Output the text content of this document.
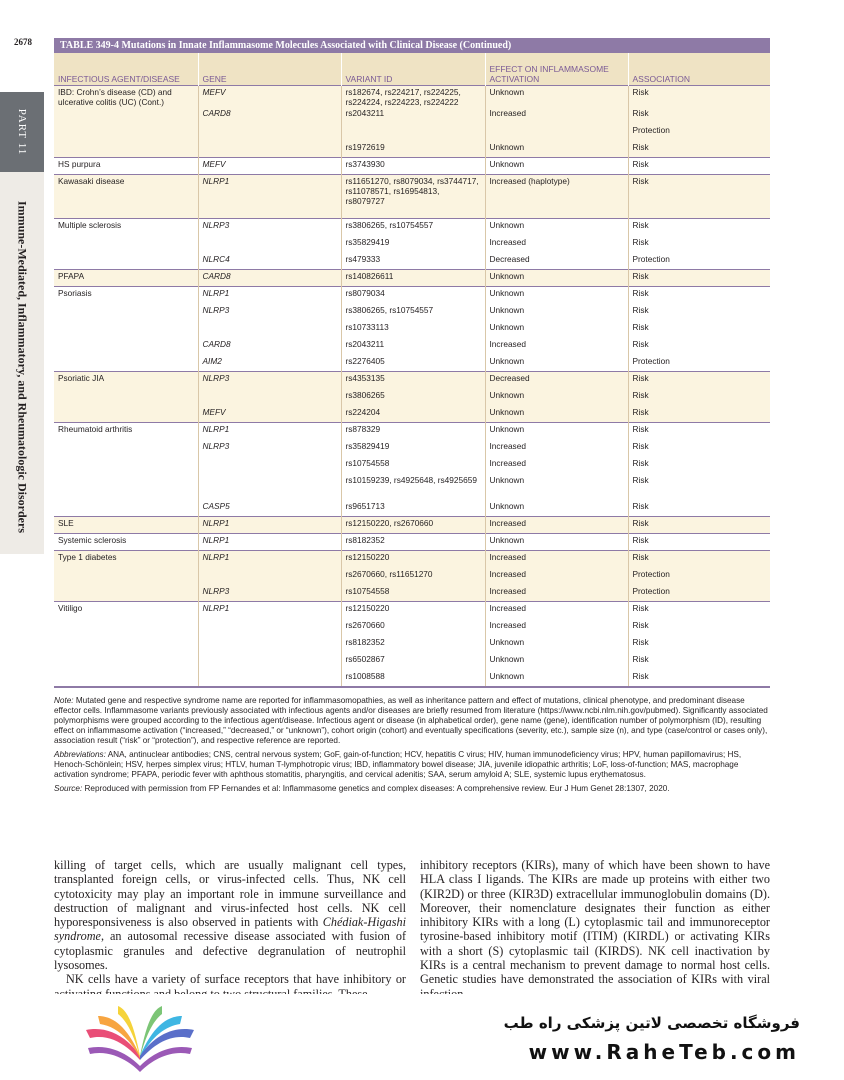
2678
PART 11
Immune-Mediated, Inflammatory, and Rheumatologic Disorders
TABLE 349-4 Mutations in Innate Inflammasome Molecules Associated with Clinical Disease (Continued)
INFECTIOUS AGENT/DISEASE	GENE	VARIANT ID	EFFECT ON INFLAMMASOME ACTIVATION	ASSOCIATION
IBD: Crohn’s disease (CD) and ulcerative colitis (UC) (Cont.)	MEFV	rs182674, rs224217, rs224225, rs224224, rs224223, rs224222	Unknown	Risk
	CARD8	rs2043211	Increased	Risk
				Protection
		rs1972619	Unknown	Risk
HS purpura	MEFV	rs3743930	Unknown	Risk
Kawasaki disease	NLRP1	rs11651270, rs8079034, rs3744717, rs11078571, rs16954813, rs8079727	Increased (haplotype)	Risk
Multiple sclerosis	NLRP3	rs3806265, rs10754557	Unknown	Risk
		rs35829419	Increased	Risk
	NLRC4	rs479333	Decreased	Protection
PFAPA	CARD8	rs140826611	Unknown	Risk
Psoriasis	NLRP1	rs8079034	Unknown	Risk
	NLRP3	rs3806265, rs10754557	Unknown	Risk
		rs10733113	Unknown	Risk
	CARD8	rs2043211	Increased	Risk
	AIM2	rs2276405	Unknown	Protection
Psoriatic JIA	NLRP3	rs4353135	Decreased	Risk
		rs3806265	Unknown	Risk
	MEFV	rs224204	Unknown	Risk
Rheumatoid arthritis	NLRP1	rs878329	Unknown	Risk
	NLRP3	rs35829419	Increased	Risk
		rs10754558	Increased	Risk
		rs10159239, rs4925648, rs4925659	Unknown	Risk
	CASP5	rs9651713	Unknown	Risk
SLE	NLRP1	rs12150220, rs2670660	Increased	Risk
Systemic sclerosis	NLRP1	rs8182352	Unknown	Risk
Type 1 diabetes	NLRP1	rs12150220	Increased	Risk
		rs2670660, rs11651270	Increased	Protection
	NLRP3	rs10754558	Increased	Protection
Vitiligo	NLRP1	rs12150220	Increased	Risk
		rs2670660	Increased	Risk
		rs8182352	Unknown	Risk
		rs6502867	Unknown	Risk
		rs1008588	Unknown	Risk

Note: Mutated gene and respective syndrome name are reported for inflammasomopathies, as well as inheritance pattern and effect of mutations, clinical phenotype, and predominant disease effector cells. Inflammasome variants previously associated with infectious agents and/or diseases are briefly resumed from literature (https://www.ncbi.nlm.nih.gov/pubmed). Significantly associated polymorphisms were grouped according to the infectious agent/disease. Infectious agent or disease (in alphabetical order), gene name (gene), identification number of polymorphism (ID), resulting effect on inflammasome activation (“increased,” “decreased,” or “unknown”), cohort origin (cohort) and eventually specifications (severity, etc.), sample size (n), and type (case/control or cases only), association result (“risk” or “protection”), and respective reference are reported.

Abbreviations: ANA, antinuclear antibodies; CNS, central nervous system; GoF, gain-of-function; HCV, hepatitis C virus; HIV, human immunodeficiency virus; HPV, human papillomavirus; HS, Henoch-Schönlein; HSV, herpes simplex virus; HTLV, human T-lymphotropic virus; IBD, inflammatory bowel disease; JIA, juvenile idiopathic arthritis; LoF, loss-of-function; MAS, macrophage activation syndrome; PFAPA, periodic fever with aphthous stomatitis, pharyngitis, and cervical adenitis; SAA, serum amyloid A; SLE, systemic lupus erythematosus.

Source: Reproduced with permission from FP Fernandes et al: Inflammasome genetics and complex diseases: A comprehensive review. Eur J Hum Genet 28:1307, 2020.

killing of target cells, which are usually malignant cell types, transplanted foreign cells, or virus-infected cells. Thus, NK cell cytotoxicity may play an important role in immune surveillance and destruction of malignant and virus-infected host cells. NK cell hyporesponsiveness is also observed in patients with Chédiak-Higashi syndrome, an autosomal recessive disease associated with fusion of cytoplasmic granules and defective degranulation of neutrophil lysosomes.

NK cells have a variety of surface receptors that have inhibitory or

inhibitory receptors (KIRs), many of which have been shown to have HLA class I ligands. The KIRs are made up proteins with either two (KIR2D) or three (KIR3D) extracellular immunoglobulin domains (D). Moreover, their nomenclature designates their function as either inhibitory KIRs with a long (L) cytoplasmic tail and immunoreceptor tyrosine-based inhibitory motif (ITIM) (KIRDL) or activating KIRs with a short (S) cytoplasmic tail (KIRDS). NK cell inactivation by KIRs is a central mechanism to prevent damage to normal host cells. Genetic studies have demonstrated the association of KIRs with viral

فروشگاه تخصصی لاتین پزشکی راه طب
www.RaheTeb.com
